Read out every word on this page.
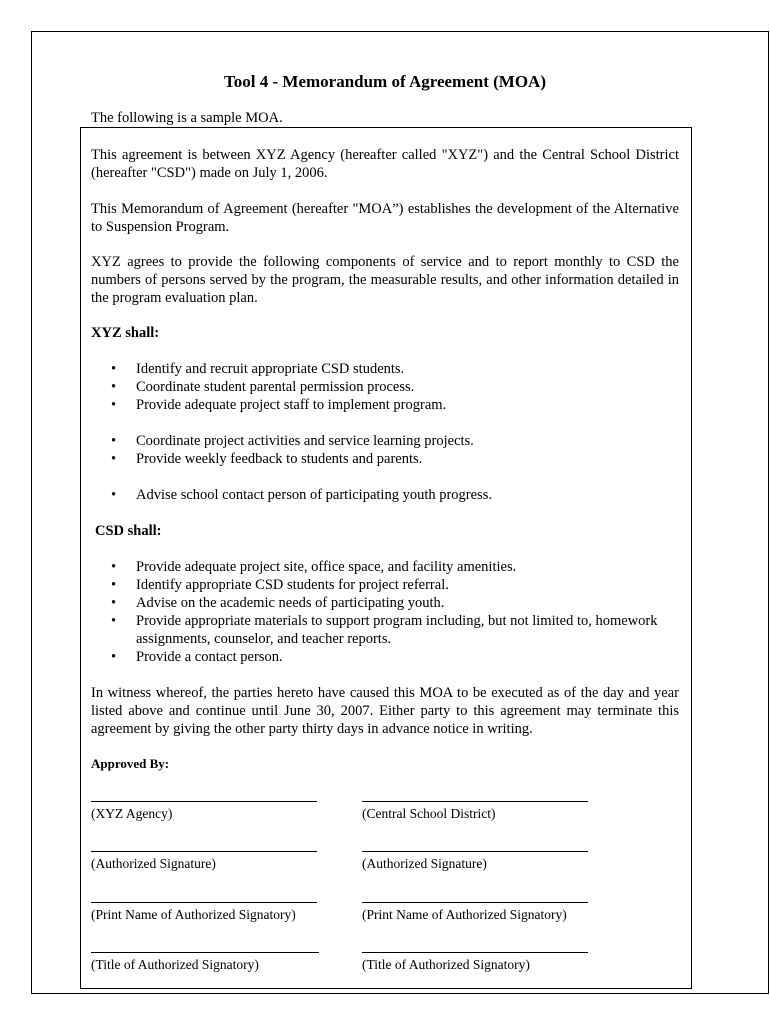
Tool 4 - Memorandum of Agreement (MOA)
The following is a sample MOA.
This agreement is between XYZ Agency (hereafter called "XYZ") and the Central School District (hereafter "CSD") made on July 1, 2006.
This Memorandum of Agreement (hereafter "MOA”) establishes the development of the Alternative to Suspension Program.
XYZ agrees to provide the following components of service and to report monthly to CSD the numbers of persons served by the program, the measurable results, and other information detailed in the program evaluation plan.
XYZ shall:
• Identify and recruit appropriate CSD students.
• Coordinate student parental permission process.
• Provide adequate project staff to implement program.
• Coordinate project activities and service learning projects.
• Provide weekly feedback to students and parents.
• Advise school contact person of participating youth progress.
CSD shall:
• Provide adequate project site, office space, and facility amenities.
• Identify appropriate CSD students for project referral.
• Advise on the academic needs of participating youth.
• Provide appropriate materials to support program including, but not limited to, homework assignments, counselor, and teacher reports.
• Provide a contact person.
In witness whereof, the parties hereto have caused this MOA to be executed as of the day and year listed above and continue until June 30, 2007. Either party to this agreement may terminate this agreement by giving the other party thirty days in advance notice in writing.
Approved By:
(XYZ Agency)
(Authorized Signature)
(Print Name of Authorized Signatory)
(Title of Authorized Signatory)
(Central School District)
(Authorized Signature)
(Print Name of Authorized Signatory)
(Title of Authorized Signatory)
